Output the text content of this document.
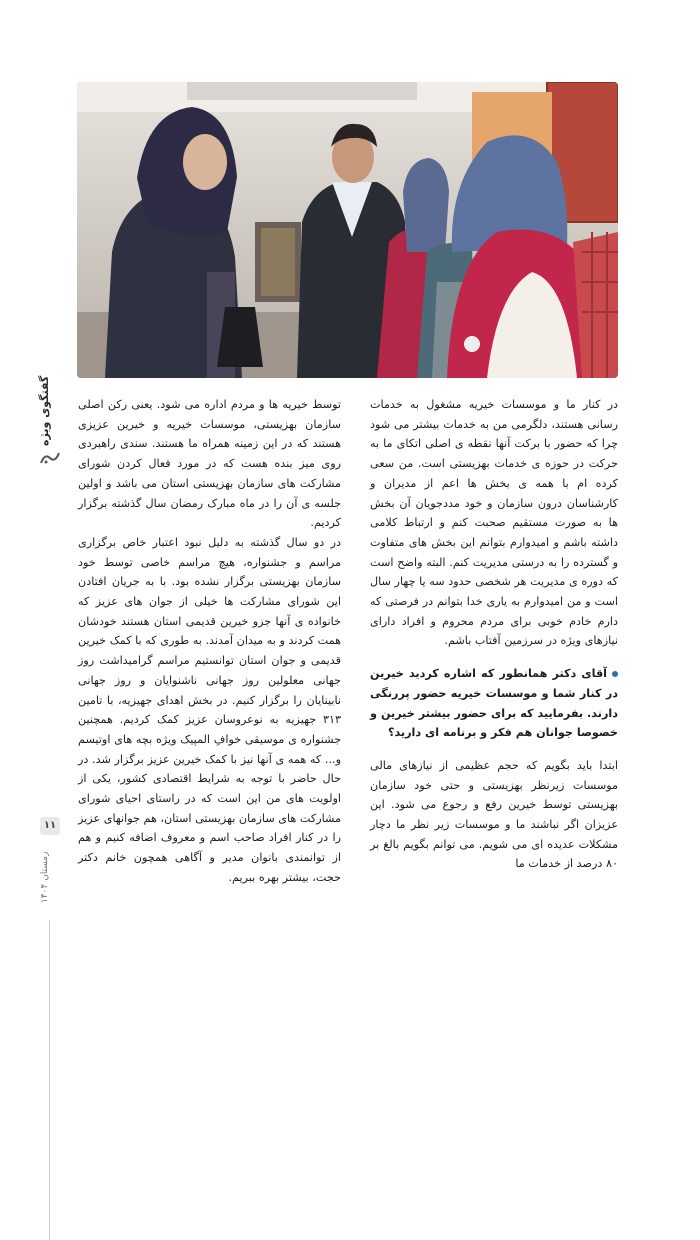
گفتگوی ویژه
۱۱
زمستان ۱۴۰۴

در کنار ما و موسسات خیریه مشغول به خدمات رسانی هستند، دلگرمی من به خدمات بیشتر می شود چرا که حضور با برکت آنها نقطه ی اصلی اتکای ما به حرکت در حوزه ی خدمات بهزیستی است. من سعی کرده ام با همه ی بخش ها اعم از مدیران و کارشناسان درون سازمان و خود مددجویان آن بخش ها به صورت مستقیم صحبت کنم و ارتباط کلامی داشته باشم و امیدوارم بتوانم این بخش های متفاوت و گسترده را به درستی مدیریت کنم. البته واضح است که دوره ی مدیریت هر شخصی حدود سه یا چهار سال است و من امیدوارم به یاری خدا بتوانم در فرصتی که دارم خادم خوبی برای مردم محروم و افراد دارای نیازهای ویژه در سرزمین آفتاب باشم.

آقای دکتر همانطور که اشاره کردید خیرین در کنار شما و موسسات خیریه حضور پررنگی دارند. بفرمایید که برای حضور بیشتر خیرین و خصوصا جوانان هم فکر و برنامه ای دارید؟

ابتدا باید بگویم که حجم عظیمی از نیازهای مالی موسسات زیرنظر بهزیستی و حتی خود سازمان بهزیستی توسط خیرین رفع و رجوع می شود. این عزیزان اگر نباشند ما و موسسات زیر نظر ما دچار مشکلات عدیده ای می شویم. می توانم بگویم بالغ بر ۸۰ درصد از خدمات ما

توسط خیریه ها و مردم اداره می شود. یعنی رکن اصلی سازمان بهزیستی، موسسات خیریه و خیرین عزیزی هستند که در این زمینه همراه ما هستند. سندی راهبردی روی میز بنده هست که در مورد فعال کردن شورای مشارکت های سازمان بهزیستی استان می باشد و اولین جلسه ی آن را در ماه مبارک رمضان سال گذشته برگزار کردیم.

در دو سال گذشته به دلیل نبود اعتبار خاص برگزاری مراسم و جشنواره، هیچ مراسم خاصی توسط خود سازمان بهزیستی برگزار نشده بود. با به جریان افتادن این شورای مشارکت ها خیلی از جوان های عزیز که خانواده ی آنها جزو خیرین قدیمی استان هستند خودشان همت کردند و به میدان آمدند. به طوری که با کمک خیرین قدیمی و جوان استان توانستیم مراسم گرامیداشت روز جهانی معلولین روز جهانی ناشنوایان و روز جهانی نابینایان را برگزار کنیم. در بخش اهدای جهیزیه، با تامین ۳۱۳ جهیزیه به نوعروسان عزیز کمک کردیم. همچنین جشنواره ی موسیقی خوافِ المپیک ویژه بچه های اوتیسم و... که همه ی آنها نیز با کمک خیرین عزیز برگزار شد. در حال حاضر با توجه به شرایط اقتصادی کشور، یکی از اولویت های من این است که در راستای احیای شورای مشارکت های سازمان بهزیستی استان، هم جوانهای عزیز را در کنار افراد صاحب اسم و معروف اضافه کنیم و هم از توانمندی بانوان مدیر و آگاهی همچون خانم دکتر حجت، بیشتر بهره ببریم.
